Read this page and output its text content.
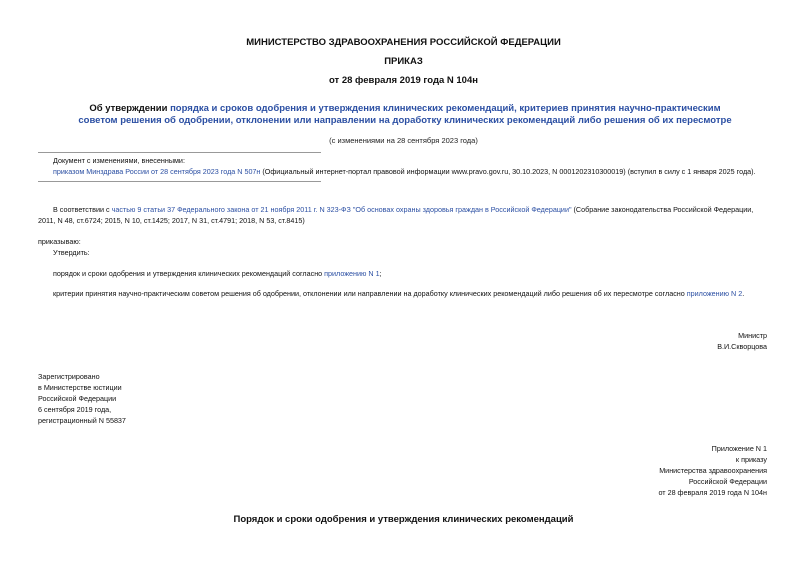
МИНИСТЕРСТВО ЗДРАВООХРАНЕНИЯ РОССИЙСКОЙ ФЕДЕРАЦИИ
ПРИКАЗ
от 28 февраля 2019 года N 104н
Об утверждении порядка и сроков одобрения и утверждения клинических рекомендаций, критериев принятия научно-практическим советом решения об одобрении, отклонении или направлении на доработку клинических рекомендаций либо решения об их пересмотре
(с изменениями на 28 сентября 2023 года)
Документ с изменениями, внесенными:
приказом Минздрава России от 28 сентября 2023 года N 507н (Официальный интернет-портал правовой информации www.pravo.gov.ru, 30.10.2023, N 0001202310300019) (вступил в силу с 1 января 2025 года).
В соответствии с частью 9 статьи 37 Федерального закона от 21 ноября 2011 г. N 323-ФЗ "Об основах охраны здоровья граждан в Российской Федерации" (Собрание законодательства Российской Федерации,
2011, N 48, ст.6724; 2015, N 10, ст.1425; 2017, N 31, ст.4791; 2018, N 53, ст.8415)
приказываю:
Утвердить:
порядок и сроки одобрения и утверждения клинических рекомендаций согласно приложению N 1;
критерии принятия научно-практическим советом решения об одобрении, отклонении или направлении на доработку клинических рекомендаций либо решения об их пересмотре согласно приложению N 2.
Министр
В.И.Скворцова
Зарегистрировано
в Министерстве юстиции
Российской Федерации
6 сентября 2019 года,
регистрационный N 55837
Приложение N 1
к приказу
Министерства здравоохранения
Российской Федерации
от 28 февраля 2019 года N 104н
Порядок и сроки одобрения и утверждения клинических рекомендаций
